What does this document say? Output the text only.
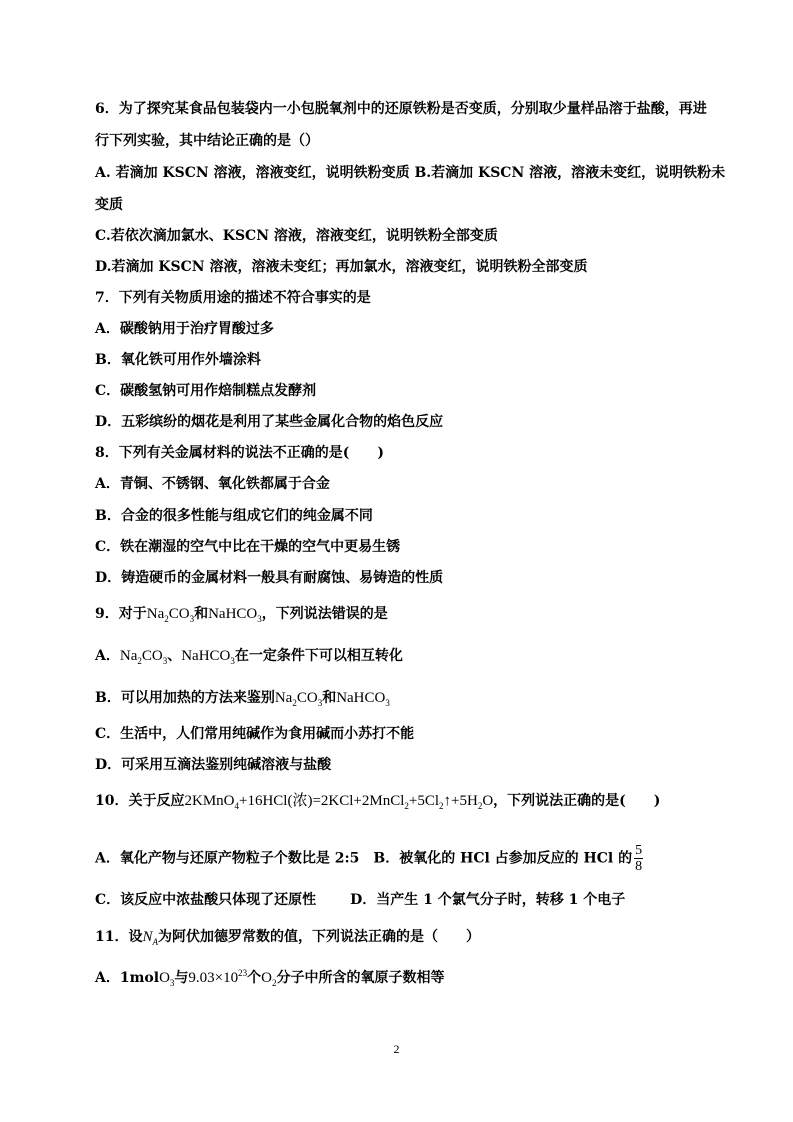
6．为了探究某食品包装袋内一小包脱氧剂中的还原铁粉是否变质，分别取少量样品溶于盐酸，再进
行下列实验，其中结论正确的是（）
A. 若滴加 KSCN 溶液，溶液变红，说明铁粉变质 B.若滴加 KSCN 溶液，溶液未变红，说明铁粉未
变质
C.若依次滴加氯水、KSCN 溶液，溶液变红，说明铁粉全部变质
D.若滴加 KSCN 溶液，溶液未变红；再加氯水，溶液变红，说明铁粉全部变质
7．下列有关物质用途的描述不符合事实的是
A．碳酸钠用于治疗胃酸过多
B．氧化铁可用作外墙涂料
C．碳酸氢钠可用作焙制糕点发酵剂
D．五彩缤纷的烟花是利用了某些金属化合物的焰色反应
8．下列有关金属材料的说法不正确的是(　　)
A．青铜、不锈钢、氧化铁都属于合金
B．合金的很多性能与组成它们的纯金属不同
C．铁在潮湿的空气中比在干燥的空气中更易生锈
D．铸造硬币的金属材料一般具有耐腐蚀、易铸造的性质
9．对于$Na_2CO_3$和NaHCO$_3$，下列说法错误的是
A．$Na_2CO_3$、NaHCO$_3$在一定条件下可以相互转化
B．可以用加热的方法来鉴别$Na_2CO_3$和NaHCO$_3$
C．生活中，人们常用纯碱作为食用碱而小苏打不能
D．可采用互滴法鉴别纯碱溶液与盐酸
10．关于反应2KMnO$_4$+16HCl(浓)$=2KCl+2MnCl_2+5Cl_2↑+5H_2O$，下列说法正确的是(　　)
A．氧化产物与还原产物粒子个数比是 2:5 B．被氧化的 HCl 占参加反应的 HCl 的 $\frac{5}{8}$
C．该反应中浓盐酸只体现了还原性 D．当产生 1 个氯气分子时，转移 1 个电子
11．设$N_A$为阿伏加德罗常数的值，下列说法正确的是（　　）
A．1molO$_3$与$9.03\times 10^{23}$个$O_2$分子中所含的氧原子数相等
2
